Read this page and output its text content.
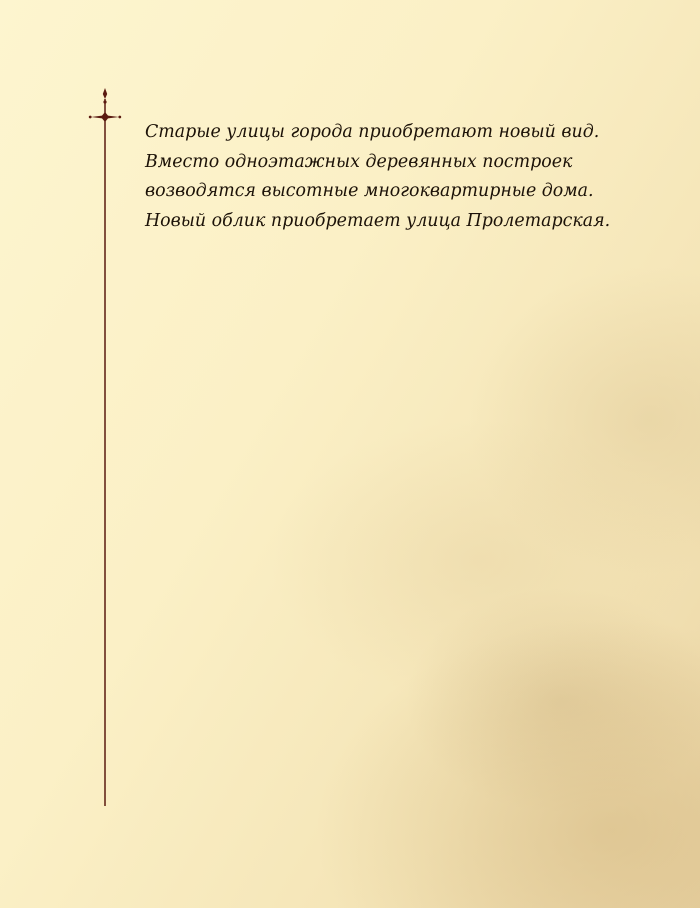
Старые улицы города приобретают новый вид.
Вместо одноэтажных деревянных построек
возводятся высотные многоквартирные дома.
Новый облик приобретает улица Пролетарская.
